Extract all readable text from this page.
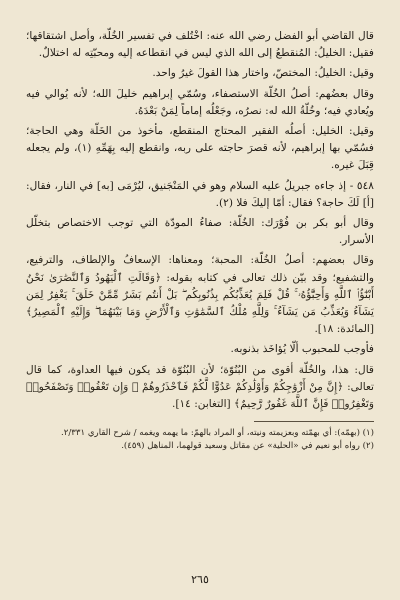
قال القاضي أبو الفضل رضي الله عنه: اخْتُلف في تفسير الخُلّة، وأصل اشتقاقها؛ فقيل: الخليلُ: المُنقطعُ إلى الله الذي ليس في انقطاعه إليه ومحبّتِه له اختلالٌ.

وقيل: الخليلُ: المختصّ، واختار هذا القولَ غيرُ واحد.

وقال بعضُهم: أصلُ الخُلّة الاستصفاء، وسُمّي إبراهيم خليلَ الله؛ لأنه يُوالي فيه ويُعادي فيه؛ وخُلّةُ الله له: نصرُه، وجَعْلُه إماماً لِمَنْ بَعْدَهُ.

وقيل: الخليل: أصلُه الفقير المحتاج المنقطع، مأخوذ من الخَلّة وهي الحاجة؛ فسُمّي بها إبراهيم، لأنه قصرَ حاجته على ربه، وانقطع إليه بِهَمِّهِ (١)، ولم يجعله قِبَلَ غيره.

٥٤٨ - إذ جاءه جبريلُ عليه السلام وهو في المَنْجَنيق، ليُرْمَى [به] في النار، فقال: [أ] لَكَ حاجة؟ فقال: أمّا إليكَ فلا (٢).

وقال أبو بكر بن فُوْرَك: الخُلّة: صفاءُ المودّة التي توجب الاختصاص بتخلّل الأسرار.

وقال بعضهم: أصلُ الخُلّة: المحبة؛ ومعناها: الإسعافُ والإلطاف، والترفيع، والتشفيع؛ وقد بيّن ذلك تعالى في كتابه بقوله: ﴿وَقَالَتِ ٱلْيَهُودُ وَٱلنَّصَٰرَىٰ نَحْنُ أَبْنَٰٓؤُا۟ ٱللَّهِ وَأَحِبَّٰٓؤُهُۥ ۚ قُلْ فَلِمَ يُعَذِّبُكُم بِذُنُوبِكُم ۖ بَلْ أَنتُم بَشَرٌ مِّمَّنْ خَلَقَ ۚ يَغْفِرُ لِمَن يَشَآءُ وَيُعَذِّبُ مَن يَشَآءُ ۚ وَلِلَّهِ مُلْكُ ٱلسَّمَٰوَٰتِ وَٱلْأَرْضِ وَمَا بَيْنَهُمَا ۖ وَإِلَيْهِ ٱلْمَصِيرُ﴾ [المائدة: ١٨].

فأوجب للمحبوب ألّا يُؤاخَذ بذنوبه.

قال: هذا، والخُلّة أقوى من البُنُوّة؛ لأن البُنُوّة قد يكون فيها العداوة، كما قال تعالى: ﴿إِنَّ مِنْ أَزْوَٰجِكُمْ وَأَوْلَٰدِكُمْ عَدُوًّا لَّكُمْ فَٱحْذَرُوهُمْ ۚ وَإِن تَعْفُوا۟ وَتَصْفَحُوا۟ وَتَغْفِرُوا۟ فَإِنَّ ٱللَّهَ غَفُورٌ رَّحِيمٌ﴾ [التغابن: ١٤].

(١) (بهمّه): أي بهمّته وبعزيمته ونيته، أو المراد بالهمّ: ما يهمه ويغمه / شرح القاري ٢/٣٣١.

(٢) رواه أبو نعيم في «الحلية» عن مقاتل وسعيد قولهما، المناهل (٤٥٩).

٢٦٥
